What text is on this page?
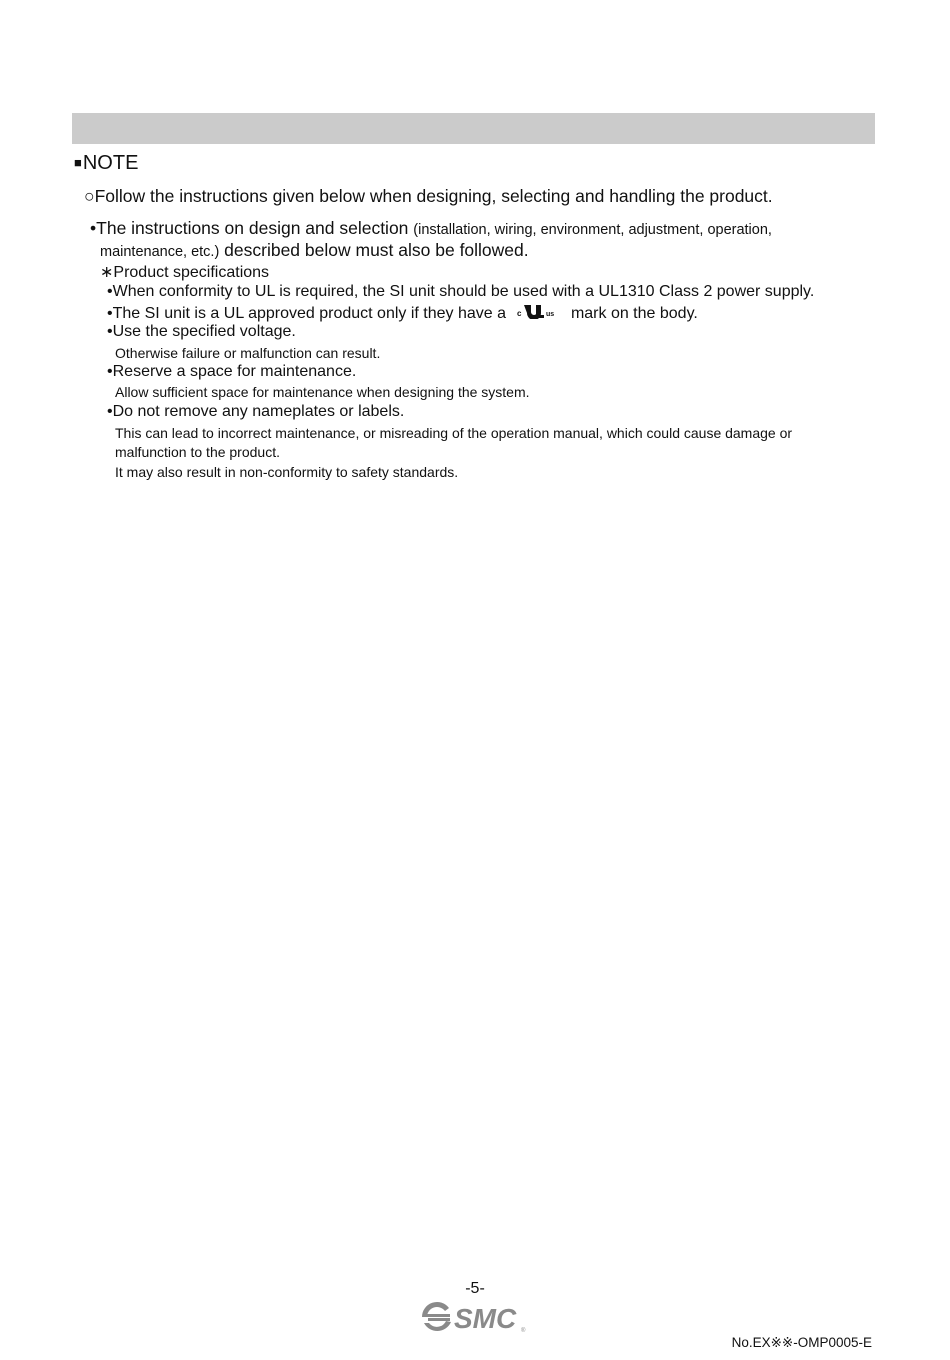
■NOTE
○Follow the instructions given below when designing, selecting and handling the product.
•The instructions on design and selection (installation, wiring, environment, adjustment, operation,
maintenance, etc.) described below must also be followed.
∗Product specifications
•When conformity to UL is required, the SI unit should be used with a UL1310 Class 2 power supply.
•The SI unit is a UL approved product only if they have a c	us mark on the body.
•Use the specified voltage.
Otherwise failure or malfunction can result.
•Reserve a space for maintenance.
Allow sufficient space for maintenance when designing the system.
•Do not remove any nameplates or labels.
This can lead to incorrect maintenance, or misreading of the operation manual, which could cause damage or
malfunction to the product.
It may also result in non-conformity to safety standards.
-5-
SMC ®
No.EX※※-OMP0005-E
